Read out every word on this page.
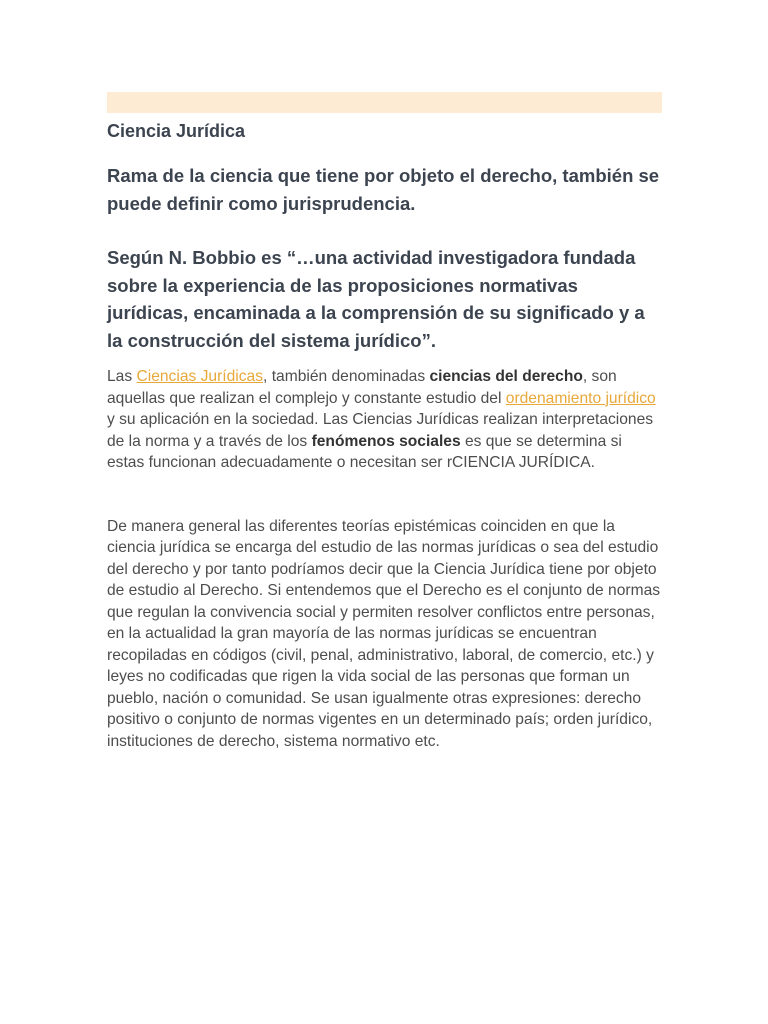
Ciencia Jurídica

Rama de la ciencia que tiene por objeto el derecho, también se puede definir como jurisprudencia.

Según N. Bobbio es “…una actividad investigadora fundada sobre la experiencia de las proposiciones normativas jurídicas, encaminada a la comprensión de su significado y a la construcción del sistema jurídico”.

Las Ciencias Jurídicas, también denominadas ciencias del derecho, son aquellas que realizan el complejo y constante estudio del ordenamiento jurídico y su aplicación en la sociedad. Las Ciencias Jurídicas realizan interpretaciones de la norma y a través de los fenómenos sociales es que se determina si estas funcionan adecuadamente o necesitan ser rCIENCIA JURÍDICA.

De manera general las diferentes teorías epistémicas coinciden en que la ciencia jurídica se encarga del estudio de las normas jurídicas o sea del estudio del derecho y por tanto podríamos decir que la Ciencia Jurídica tiene por objeto de estudio al Derecho. Si entendemos que el Derecho es el conjunto de normas que regulan la convivencia social y permiten resolver conflictos entre personas, en la actualidad la gran mayoría de las normas jurídicas se encuentran recopiladas en códigos (civil, penal, administrativo, laboral, de comercio, etc.) y leyes no codificadas que rigen la vida social de las personas que forman un pueblo, nación o comunidad. Se usan igualmente otras expresiones: derecho positivo o conjunto de normas vigentes en un determinado país; orden jurídico, instituciones de derecho, sistema normativo etc.
